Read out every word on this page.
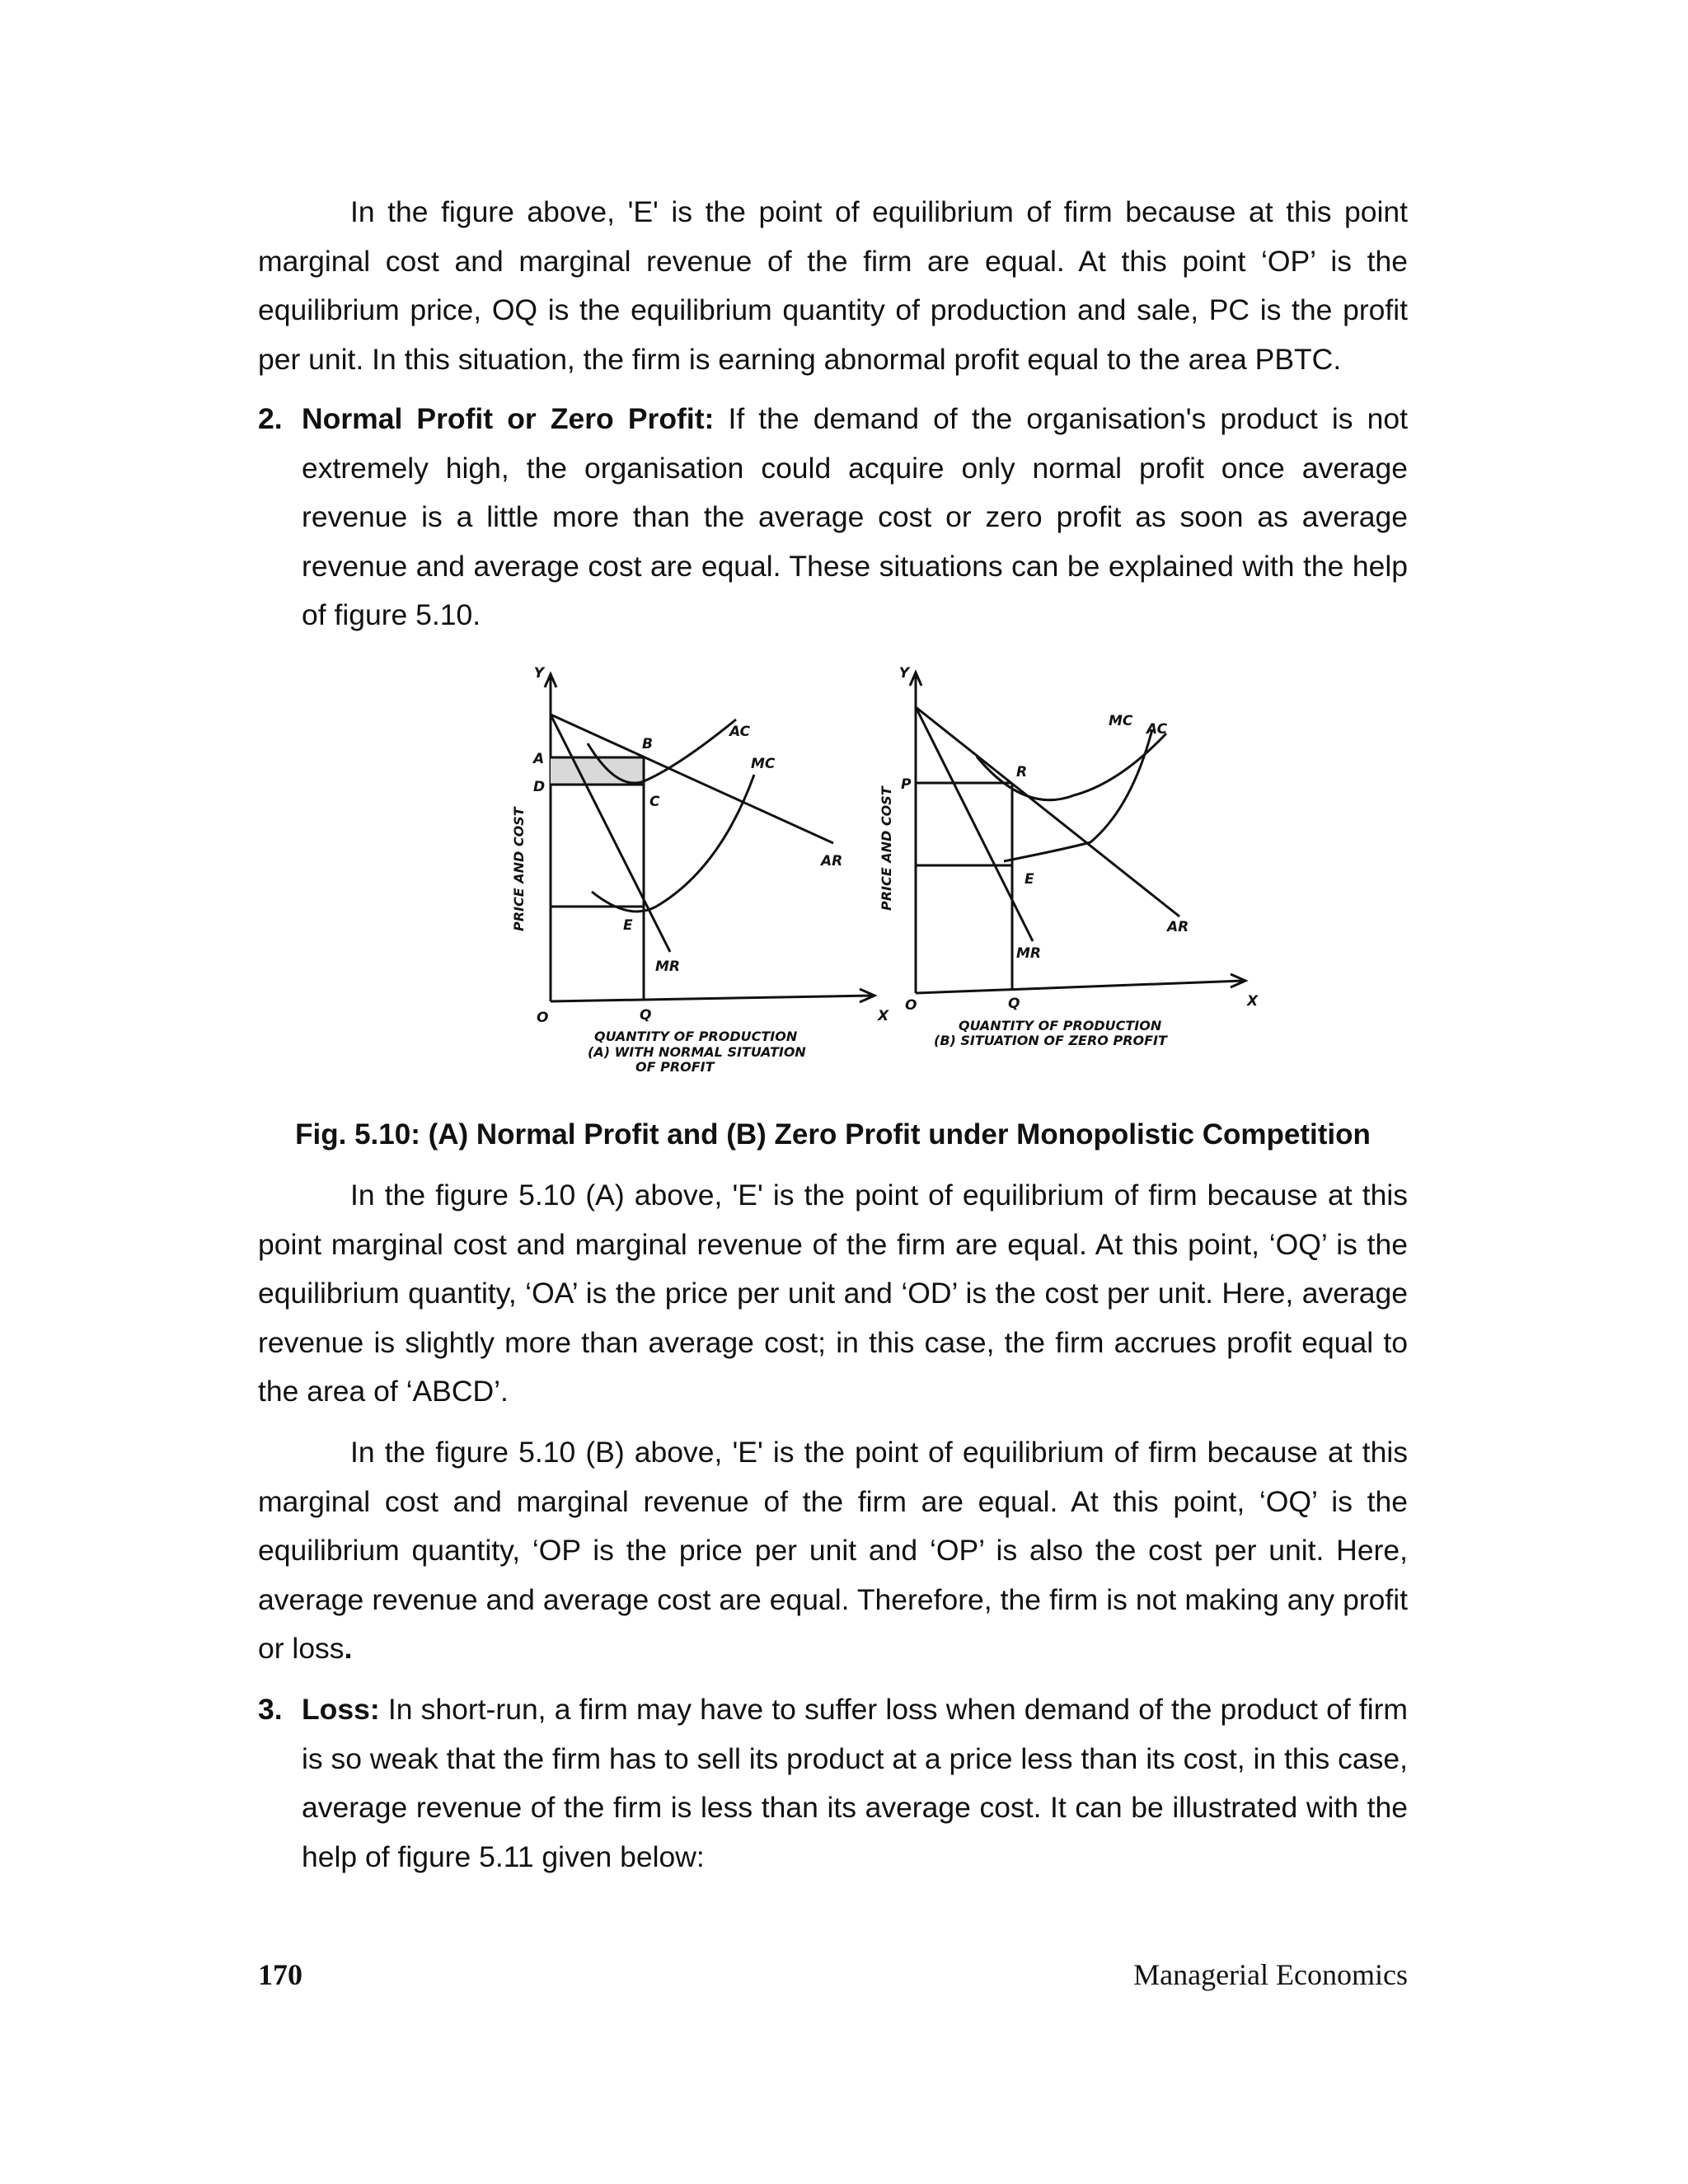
In the figure above, 'E' is the point of equilibrium of firm because at this point marginal cost and marginal revenue of the firm are equal. At this point ‘OP’ is the equilibrium price, OQ is the equilibrium quantity of production and sale, PC is the profit per unit. In this situation, the firm is earning abnormal profit equal to the area PBTC.

2. Normal Profit or Zero Profit: If the demand of the organisation's product is not extremely high, the organisation could acquire only normal profit once average revenue is a little more than the average cost or zero profit as soon as average revenue and average cost are equal. These situations can be explained with the help of figure 5.10.
Y
X
O
A
B
C
D
E
Q
AC
MC
AR
MR
PRICE AND COST
QUANTITY OF PRODUCTION
(A) WITH NORMAL SITUATION
OF PROFIT
Y
X
O
P
R
E
Q
MC AC
AR
MR
PRICE AND COST
QUANTITY OF PRODUCTION
(B) SITUATION OF ZERO PROFIT

Fig. 5.10: (A) Normal Profit and (B) Zero Profit under Monopolistic Competition

In the figure 5.10 (A) above, 'E' is the point of equilibrium of firm because at this point marginal cost and marginal revenue of the firm are equal. At this point, ‘OQ’ is the equilibrium quantity, ‘OA’ is the price per unit and ‘OD’ is the cost per unit. Here, average revenue is slightly more than average cost; in this case, the firm accrues profit equal to the area of ‘ABCD’.

In the figure 5.10 (B) above, 'E' is the point of equilibrium of firm because at this marginal cost and marginal revenue of the firm are equal. At this point, ‘OQ’ is the equilibrium quantity, ‘OP is the price per unit and ‘OP’ is also the cost per unit. Here, average revenue and average cost are equal. Therefore, the firm is not making any profit or loss.

3. Loss: In short-run, a firm may have to suffer loss when demand of the product of firm is so weak that the firm has to sell its product at a price less than its cost, in this case, average revenue of the firm is less than its average cost. It can be illustrated with the help of figure 5.11 given below:
170	Managerial Economics
